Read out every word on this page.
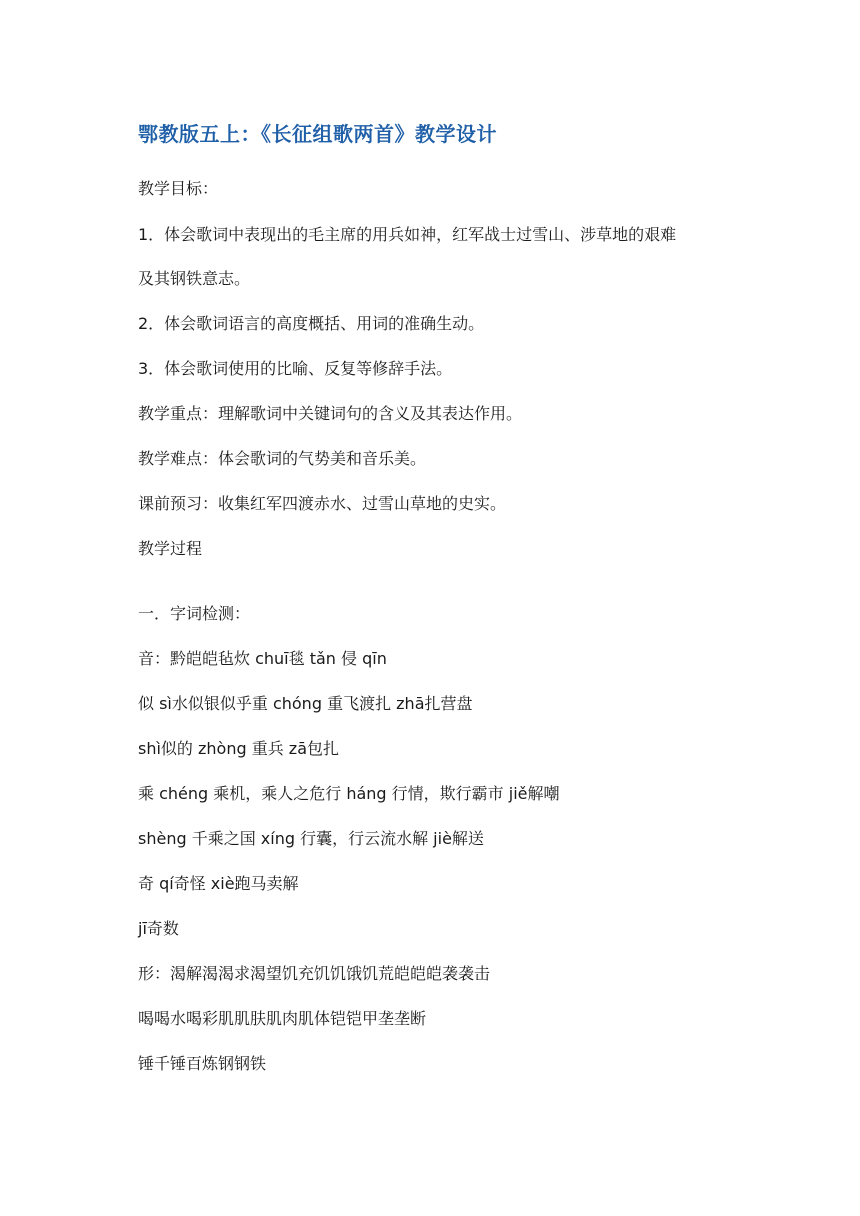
鄂教版五上：《长征组歌两首》教学设计
教学目标：
1．体会歌词中表现出的毛主席的用兵如神，红军战士过雪山、涉草地的艰难
及其钢铁意志。
2．体会歌词语言的高度概括、用词的准确生动。
3．体会歌词使用的比喻、反复等修辞手法。
教学重点：理解歌词中关键词句的含义及其表达作用。
教学难点：体会歌词的气势美和音乐美。
课前预习：收集红军四渡赤水、过雪山草地的史实。
教学过程
一．字词检测：
音：黔皑皑毡炊 chuī毯 tǎn 侵 qīn
似 sì水似银似乎重 chóng 重飞渡扎 zhā扎营盘
shì似的 zhòng 重兵 zā包扎
乘 chéng 乘机，乘人之危行 háng 行情，欺行霸市 jiě解嘲
shèng 千乘之国 xíng 行囊，行云流水解 jiè解送
奇 qí奇怪 xiè跑马卖解
jī奇数
形：渴解渴渴求渴望饥充饥饥饿饥荒皑皑皑袭袭击
喝喝水喝彩肌肌肤肌肉肌体铠铠甲垄垄断
锤千锤百炼钢钢铁
